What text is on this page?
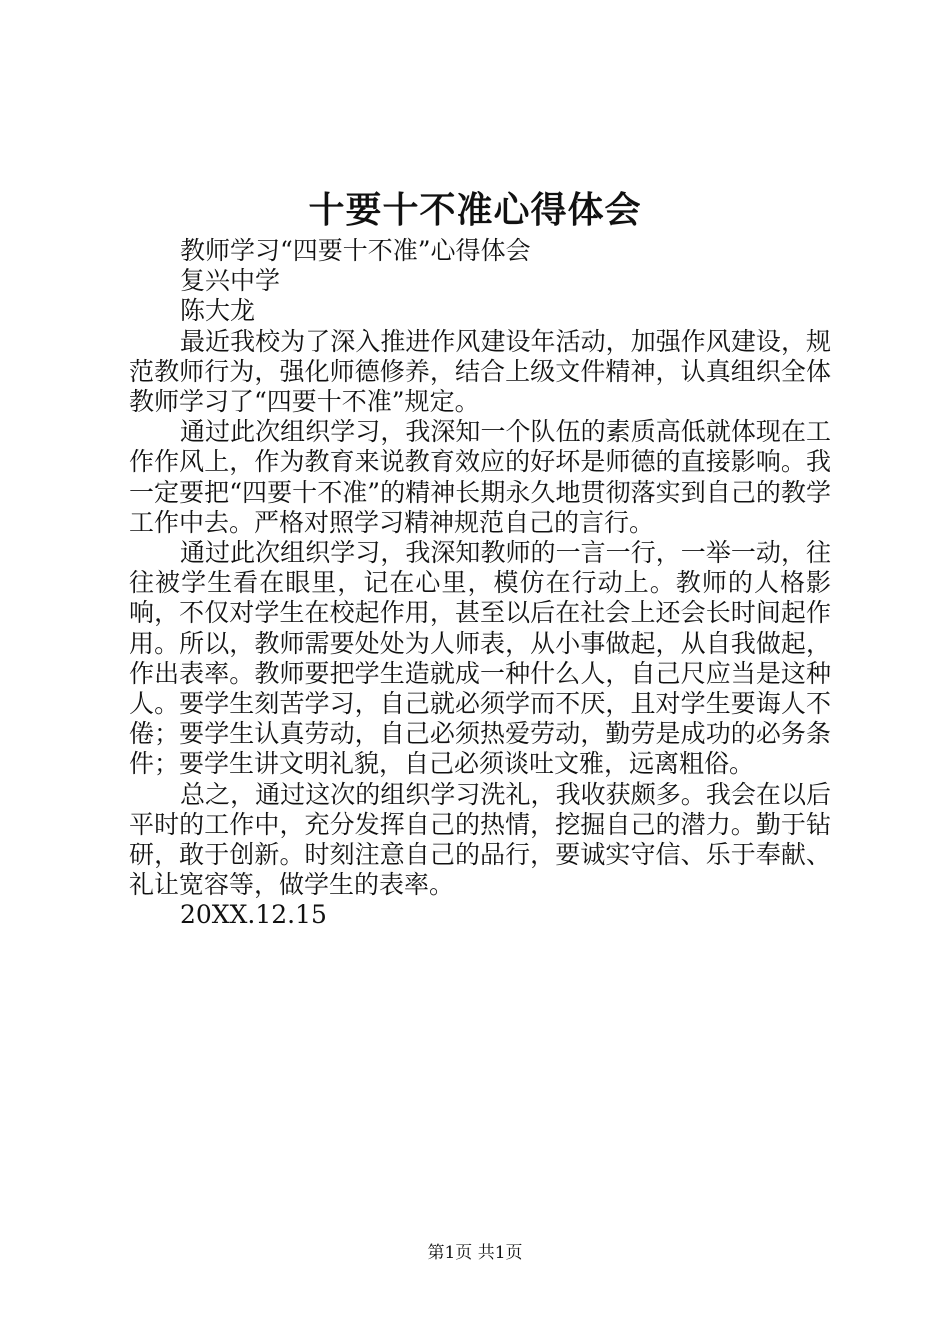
十要十不准心得体会

教师学习“四要十不准”心得体会

复兴中学

陈大龙

最近我校为了深入推进作风建设年活动，加强作风建设，规范教师行为，强化师德修养，结合上级文件精神，认真组织全体教师学习了“四要十不准”规定。

通过此次组织学习，我深知一个队伍的素质高低就体现在工作作风上，作为教育来说教育效应的好坏是师德的直接影响。我一定要把“四要十不准”的精神长期永久地贯彻落实到自己的教学工作中去。严格对照学习精神规范自己的言行。

通过此次组织学习，我深知教师的一言一行，一举一动，往往被学生看在眼里，记在心里，模仿在行动上。教师的人格影响，不仅对学生在校起作用，甚至以后在社会上还会长时间起作用。所以，教师需要处处为人师表，从小事做起，从自我做起，作出表率。教师要把学生造就成一种什么人，自己尺应当是这种人。要学生刻苦学习，自己就必须学而不厌，且对学生要诲人不倦；要学生认真劳动，自己必须热爱劳动，勤劳是成功的必务条件；要学生讲文明礼貌，自己必须谈吐文雅，远离粗俗。

总之，通过这次的组织学习洗礼，我收获颇多。我会在以后平时的工作中，充分发挥自己的热情，挖掘自己的潜力。勤于钻研，敢于创新。时刻注意自己的品行，要诚实守信、乐于奉献、礼让宽容等，做学生的表率。

20XX.12.15

第1页 共1页
